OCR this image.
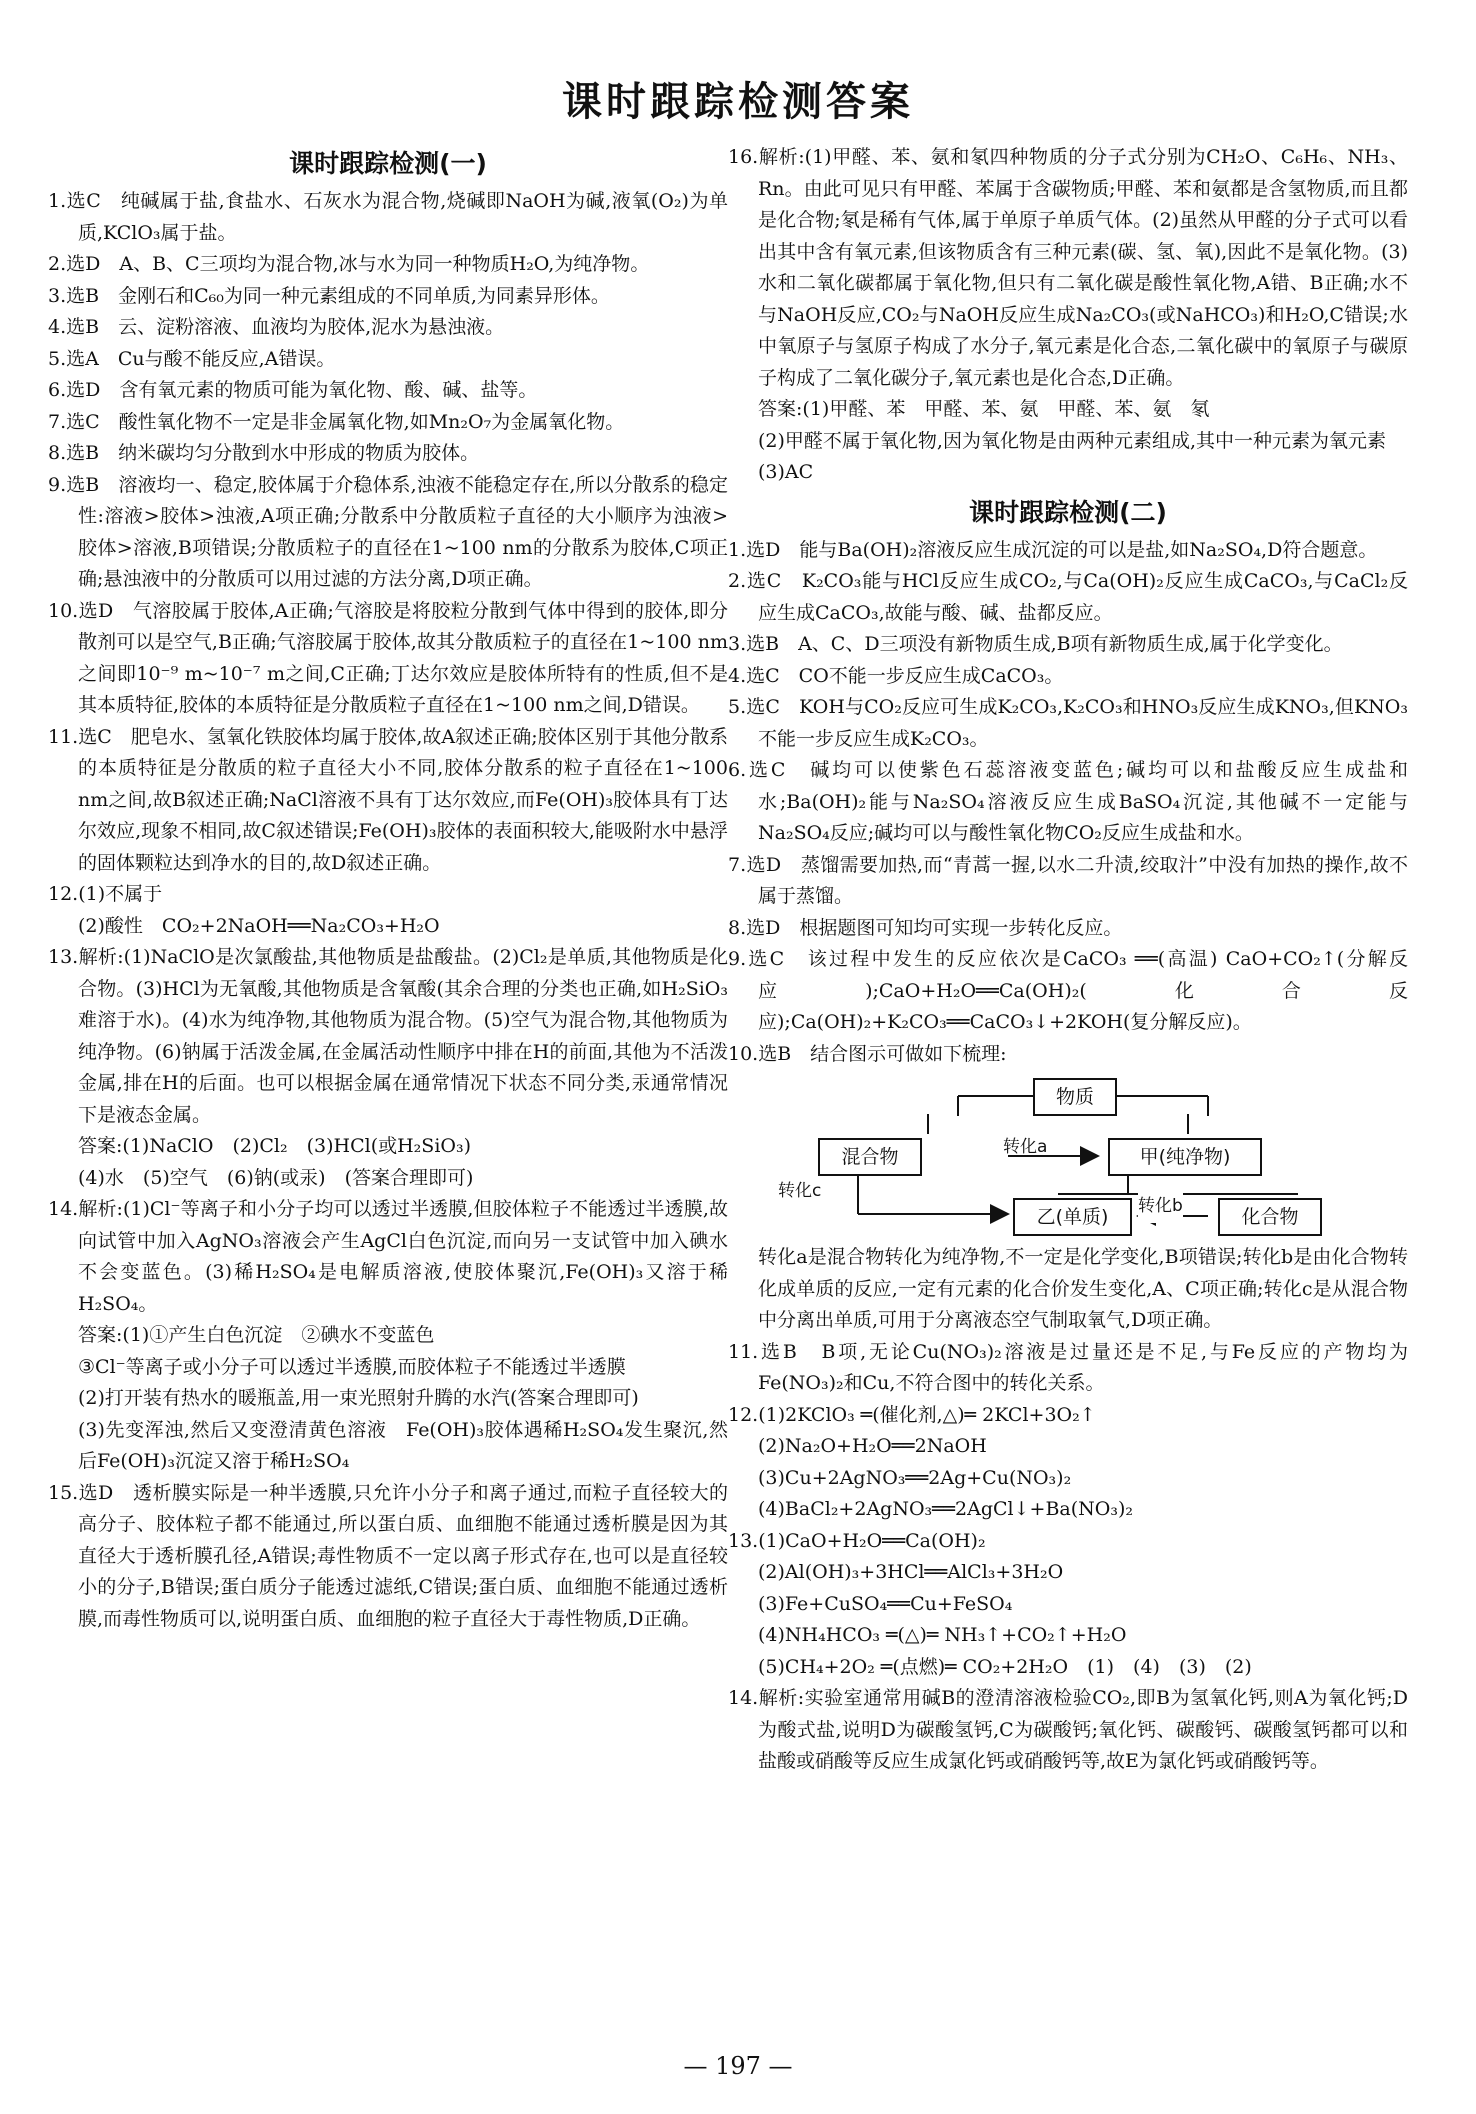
课时跟踪检测答案
课时跟踪检测(一)

1.选C　纯碱属于盐,食盐水、石灰水为混合物,烧碱即NaOH为碱,液氧(O₂)为单质,KClO₃属于盐。

2.选D　A、B、C三项均为混合物,冰与水为同一种物质H₂O,为纯净物。

3.选B　金刚石和C₆₀为同一种元素组成的不同单质,为同素异形体。

4.选B　云、淀粉溶液、血液均为胶体,泥水为悬浊液。

5.选A　Cu与酸不能反应,A错误。

6.选D　含有氧元素的物质可能为氧化物、酸、碱、盐等。

7.选C　酸性氧化物不一定是非金属氧化物,如Mn₂O₇为金属氧化物。

8.选B　纳米碳均匀分散到水中形成的物质为胶体。

9.选B　溶液均一、稳定,胶体属于介稳体系,浊液不能稳定存在,所以分散系的稳定性:溶液>胶体>浊液,A项正确;分散系中分散质粒子直径的大小顺序为浊液>胶体>溶液,B项错误;分散质粒子的直径在1~100 nm的分散系为胶体,C项正确;悬浊液中的分散质可以用过滤的方法分离,D项正确。

10.选D　气溶胶属于胶体,A正确;气溶胶是将胶粒分散到气体中得到的胶体,即分散剂可以是空气,B正确;气溶胶属于胶体,故其分散质粒子的直径在1~100 nm之间即10⁻⁹ m~10⁻⁷ m之间,C正确;丁达尔效应是胶体所特有的性质,但不是其本质特征,胶体的本质特征是分散质粒子直径在1~100 nm之间,D错误。

11.选C　肥皂水、氢氧化铁胶体均属于胶体,故A叙述正确;胶体区别于其他分散系的本质特征是分散质的粒子直径大小不同,胶体分散系的粒子直径在1~100 nm之间,故B叙述正确;NaCl溶液不具有丁达尔效应,而Fe(OH)₃胶体具有丁达尔效应,现象不相同,故C叙述错误;Fe(OH)₃胶体的表面积较大,能吸附水中悬浮的固体颗粒达到净水的目的,故D叙述正确。

12.(1)不属于

(2)酸性　CO₂+2NaOH══Na₂CO₃+H₂O

13.解析:(1)NaClO是次氯酸盐,其他物质是盐酸盐。(2)Cl₂是单质,其他物质是化合物。(3)HCl为无氧酸,其他物质是含氧酸(其余合理的分类也正确,如H₂SiO₃难溶于水)。(4)水为纯净物,其他物质为混合物。(5)空气为混合物,其他物质为纯净物。(6)钠属于活泼金属,在金属活动性顺序中排在H的前面,其他为不活泼金属,排在H的后面。也可以根据金属在通常情况下状态不同分类,汞通常情况下是液态金属。

答案:(1)NaClO　(2)Cl₂　(3)HCl(或H₂SiO₃)

(4)水　(5)空气　(6)钠(或汞)　(答案合理即可)

14.解析:(1)Cl⁻等离子和小分子均可以透过半透膜,但胶体粒子不能透过半透膜,故向试管中加入AgNO₃溶液会产生AgCl白色沉淀,而向另一支试管中加入碘水不会变蓝色。(3)稀H₂SO₄是电解质溶液,使胶体聚沉,Fe(OH)₃又溶于稀H₂SO₄。

答案:(1)①产生白色沉淀　②碘水不变蓝色

③Cl⁻等离子或小分子可以透过半透膜,而胶体粒子不能透过半透膜

(2)打开装有热水的暖瓶盖,用一束光照射升腾的水汽(答案合理即可)

(3)先变浑浊,然后又变澄清黄色溶液　Fe(OH)₃胶体遇稀H₂SO₄发生聚沉,然后Fe(OH)₃沉淀又溶于稀H₂SO₄

15.选D　透析膜实际是一种半透膜,只允许小分子和离子通过,而粒子直径较大的高分子、胶体粒子都不能通过,所以蛋白质、血细胞不能通过透析膜是因为其直径大于透析膜孔径,A错误;毒性物质不一定以离子形式存在,也可以是直径较小的分子,B错误;蛋白质分子能透过滤纸,C错误;蛋白质、血细胞不能通过透析膜,而毒性物质可以,说明蛋白质、血细胞的粒子直径大于毒性物质,D正确。

16.解析:(1)甲醛、苯、氨和氡四种物质的分子式分别为CH₂O、C₆H₆、NH₃、Rn。由此可见只有甲醛、苯属于含碳物质;甲醛、苯和氨都是含氢物质,而且都是化合物;氡是稀有气体,属于单原子单质气体。(2)虽然从甲醛的分子式可以看出其中含有氧元素,但该物质含有三种元素(碳、氢、氧),因此不是氧化物。(3)水和二氧化碳都属于氧化物,但只有二氧化碳是酸性氧化物,A错、B正确;水不与NaOH反应,CO₂与NaOH反应生成Na₂CO₃(或NaHCO₃)和H₂O,C错误;水中氧原子与氢原子构成了水分子,氧元素是化合态,二氧化碳中的氧原子与碳原子构成了二氧化碳分子,氧元素也是化合态,D正确。

答案:(1)甲醛、苯　甲醛、苯、氨　甲醛、苯、氨　氡

(2)甲醛不属于氧化物,因为氧化物是由两种元素组成,其中一种元素为氧元素

(3)AC

课时跟踪检测(二)

1.选D　能与Ba(OH)₂溶液反应生成沉淀的可以是盐,如Na₂SO₄,D符合题意。

2.选C　K₂CO₃能与HCl反应生成CO₂,与Ca(OH)₂反应生成CaCO₃,与CaCl₂反应生成CaCO₃,故能与酸、碱、盐都反应。

3.选B　A、C、D三项没有新物质生成,B项有新物质生成,属于化学变化。

4.选C　CO不能一步反应生成CaCO₃。

5.选C　KOH与CO₂反应可生成K₂CO₃,K₂CO₃和HNO₃反应生成KNO₃,但KNO₃不能一步反应生成K₂CO₃。

6.选C　碱均可以使紫色石蕊溶液变蓝色;碱均可以和盐酸反应生成盐和水;Ba(OH)₂能与Na₂SO₄溶液反应生成BaSO₄沉淀,其他碱不一定能与Na₂SO₄反应;碱均可以与酸性氧化物CO₂反应生成盐和水。

7.选D　蒸馏需要加热,而“青蒿一握,以水二升渍,绞取汁”中没有加热的操作,故不属于蒸馏。

8.选D　根据题图可知均可实现一步转化反应。

9.选C　该过程中发生的反应依次是CaCO₃ ══(高温) CaO+CO₂↑(分解反应);CaO+H₂O══Ca(OH)₂(化合反应);Ca(OH)₂+K₂CO₃══CaCO₃↓+2KOH(复分解反应)。

10.选B　结合图示可做如下梳理:

物质
混合物	甲(纯净物)
乙(单质)	化合物
转化a
转化b
转化c

转化a是混合物转化为纯净物,不一定是化学变化,B项错误;转化b是由化合物转化成单质的反应,一定有元素的化合价发生变化,A、C项正确;转化c是从混合物中分离出单质,可用于分离液态空气制取氧气,D项正确。

11.选B　B项,无论Cu(NO₃)₂溶液是过量还是不足,与Fe反应的产物均为Fe(NO₃)₂和Cu,不符合图中的转化关系。

12.(1)2KClO₃ ═(催化剂,△)═ 2KCl+3O₂↑

(2)Na₂O+H₂O══2NaOH

(3)Cu+2AgNO₃══2Ag+Cu(NO₃)₂

(4)BaCl₂+2AgNO₃══2AgCl↓+Ba(NO₃)₂

13.(1)CaO+H₂O══Ca(OH)₂

(2)Al(OH)₃+3HCl══AlCl₃+3H₂O

(3)Fe+CuSO₄══Cu+FeSO₄

(4)NH₄HCO₃ ═(△)═ NH₃↑+CO₂↑+H₂O

(5)CH₄+2O₂ ═(点燃)═ CO₂+2H₂O　(1)　(4)　(3)　(2)

14.解析:实验室通常用碱B的澄清溶液检验CO₂,即B为氢氧化钙,则A为氧化钙;D为酸式盐,说明D为碳酸氢钙,C为碳酸钙;氧化钙、碳酸钙、碳酸氢钙都可以和盐酸或硝酸等反应生成氯化钙或硝酸钙等,故E为氯化钙或硝酸钙等。

— 197 —
